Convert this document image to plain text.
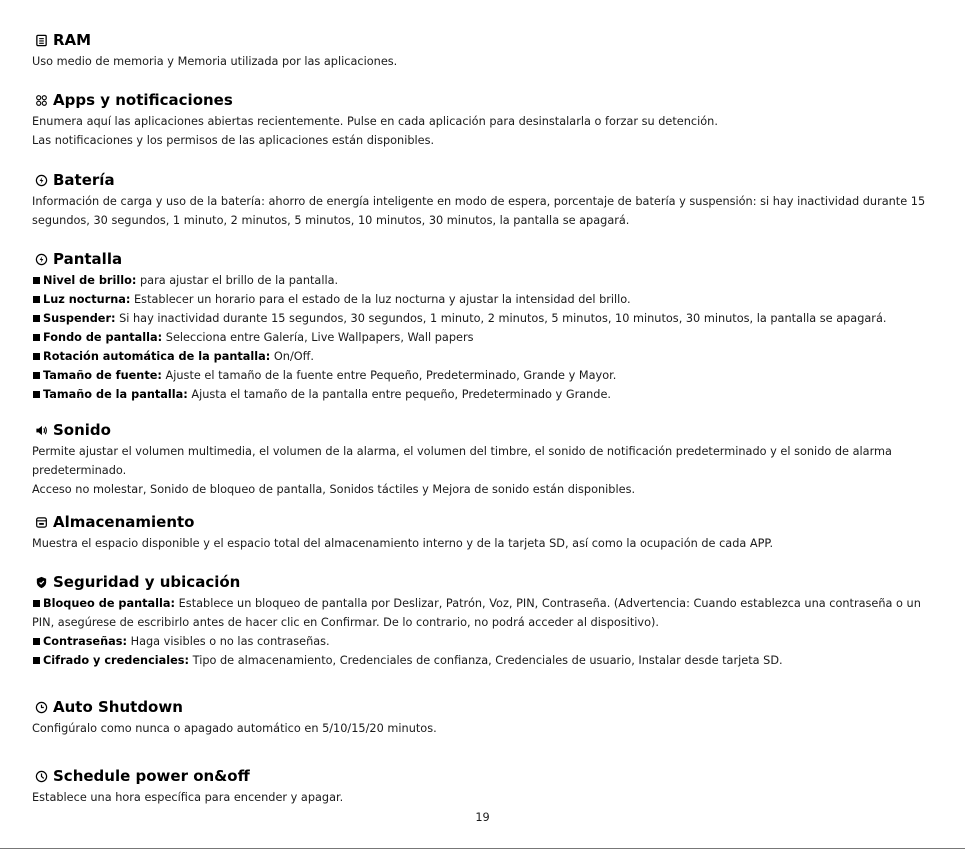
RAM

Uso medio de memoria y Memoria utilizada por las aplicaciones.

Apps y notificaciones

Enumera aquí las aplicaciones abiertas recientemente. Pulse en cada aplicación para desinstalarla o forzar su detención.

Las notificaciones y los permisos de las aplicaciones están disponibles.

Batería

Información de carga y uso de la batería: ahorro de energía inteligente en modo de espera, porcentaje de batería y suspensión: si hay inactividad durante 15 segundos, 30 segundos, 1 minuto, 2 minutos, 5 minutos, 10 minutos, 30 minutos, la pantalla se apagará.

Pantalla

Nivel de brillo: para ajustar el brillo de la pantalla.

Luz nocturna: Establecer un horario para el estado de la luz nocturna y ajustar la intensidad del brillo.

Suspender: Si hay inactividad durante 15 segundos, 30 segundos, 1 minuto, 2 minutos, 5 minutos, 10 minutos, 30 minutos, la pantalla se apagará.

Fondo de pantalla: Selecciona entre Galería, Live Wallpapers, Wall papers

Rotación automática de la pantalla: On/Off.

Tamaño de fuente: Ajuste el tamaño de la fuente entre Pequeño, Predeterminado, Grande y Mayor.

Tamaño de la pantalla: Ajusta el tamaño de la pantalla entre pequeño, Predeterminado y Grande.

Sonido

Permite ajustar el volumen multimedia, el volumen de la alarma, el volumen del timbre, el sonido de notificación predeterminado y el sonido de alarma predeterminado.

Acceso no molestar, Sonido de bloqueo de pantalla, Sonidos táctiles y Mejora de sonido están disponibles.

Almacenamiento

Muestra el espacio disponible y el espacio total del almacenamiento interno y de la tarjeta SD, así como la ocupación de cada APP.

Seguridad y ubicación

Bloqueo de pantalla: Establece un bloqueo de pantalla por Deslizar, Patrón, Voz, PIN, Contraseña. (Advertencia: Cuando establezca una contraseña o un PIN, asegúrese de escribirlo antes de hacer clic en Confirmar. De lo contrario, no podrá acceder al dispositivo).

Contraseñas: Haga visibles o no las contraseñas.

Cifrado y credenciales: Tipo de almacenamiento, Credenciales de confianza, Credenciales de usuario, Instalar desde tarjeta SD.

Auto Shutdown

Configúralo como nunca o apagado automático en 5/10/15/20 minutos.

Schedule power on&off

Establece una hora específica para encender y apagar.

19
